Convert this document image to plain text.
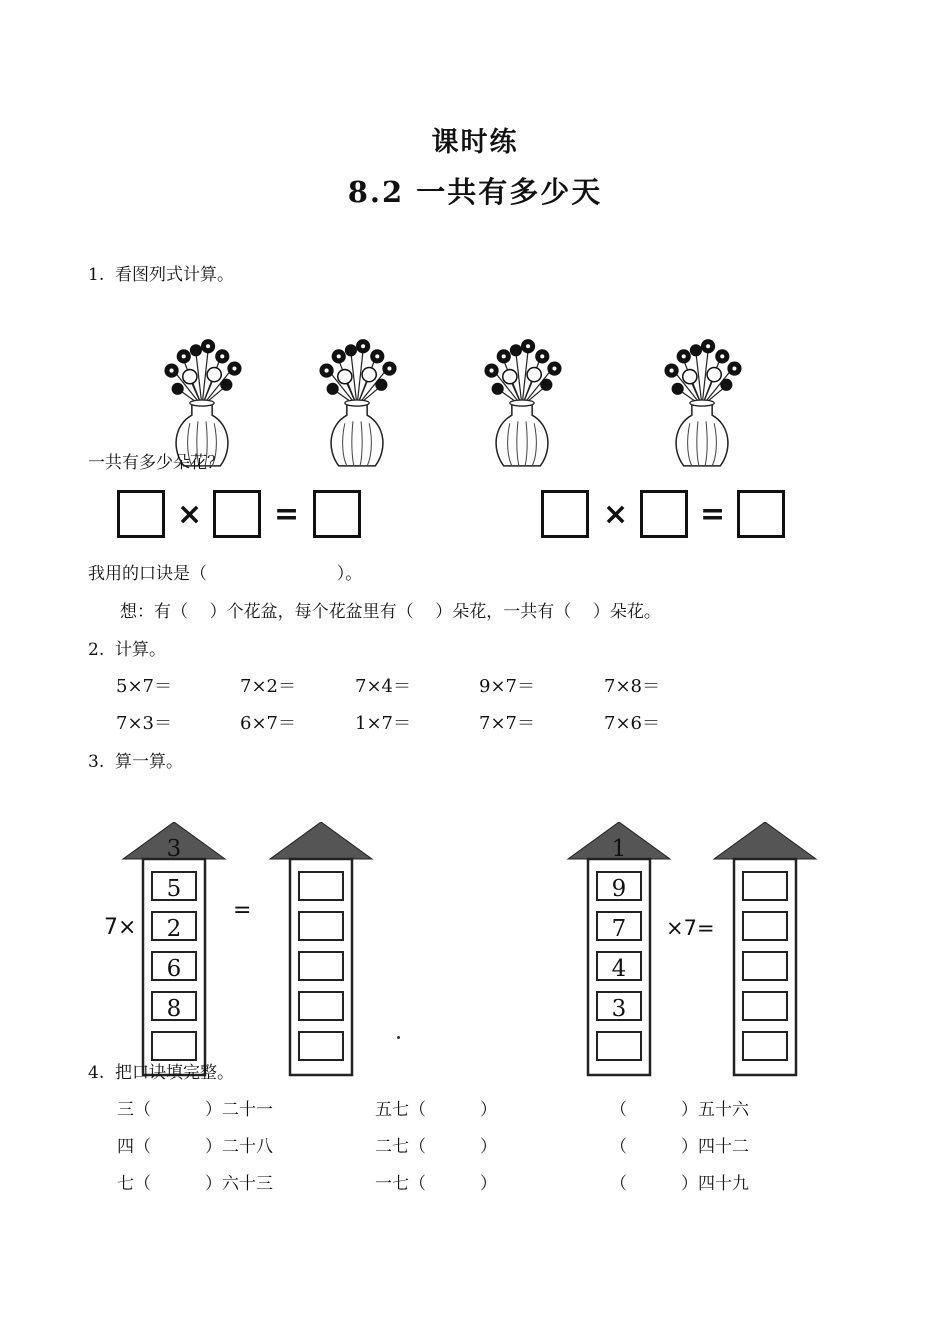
课时练
8.2 一共有多少天
1.  看图列式计算。

一共有多少朵花？
× =	× =
我用的口诀是（                        ）。
想：有（    ）个花盆，每个花盆里有（    ）朵花，一共有（    ）朵花。
2.  计算。
5×7＝	7×2＝	7×4＝	9×7＝	7×8＝
7×3＝	6×7＝	1×7＝	7×7＝	7×6＝
3.  算一算。

3
5
2
6
8
7×
=

1
9
7
4
3
×7=

4.  把口诀填完整。
三（          ）二十一	五七（          ）	（          ）五十六
四（          ）二十八	二七（          ）	（          ）四十二
七（          ）六十三	一七（          ）	（          ）四十九
